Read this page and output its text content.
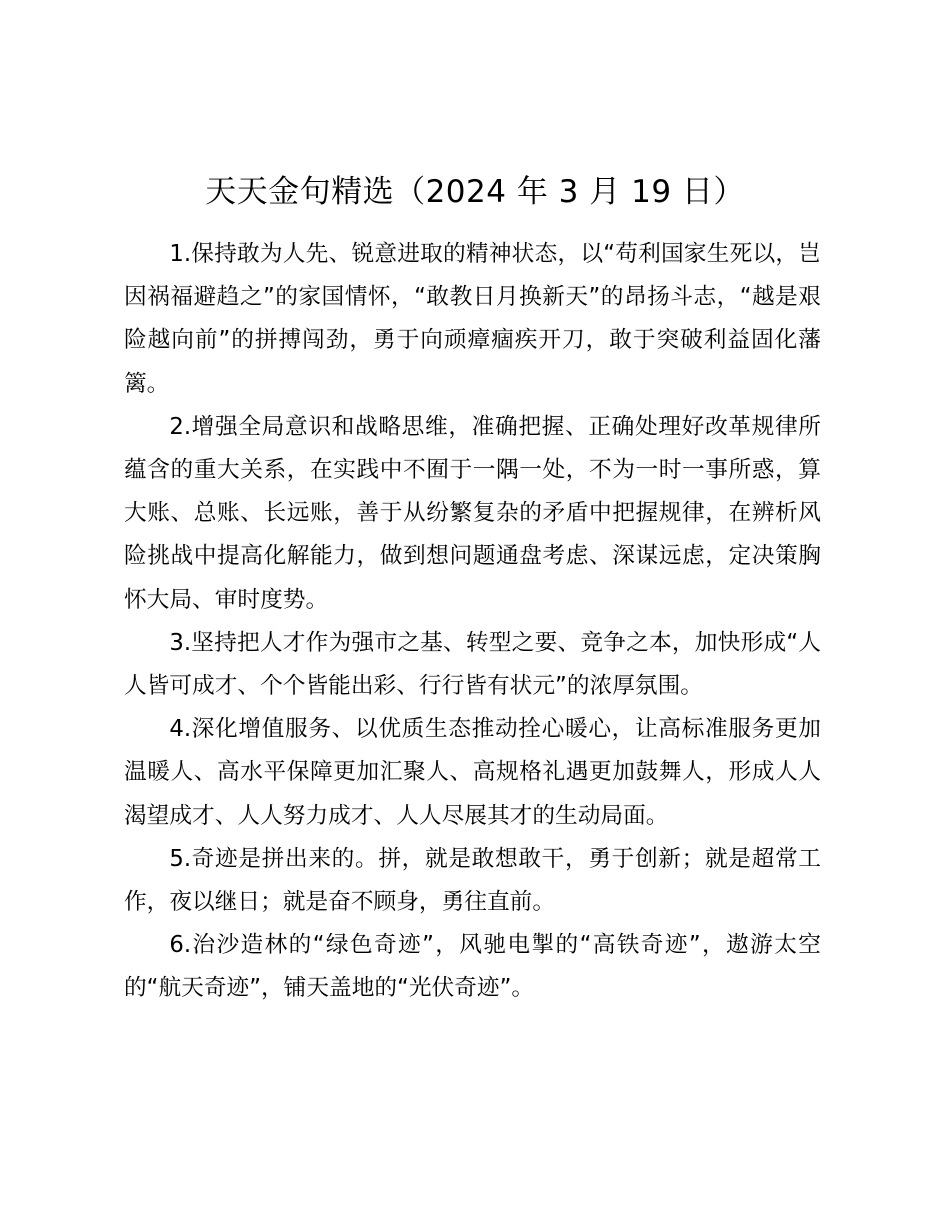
天天金句精选（2024 年 3 月 19 日）

1.保持敢为人先、锐意进取的精神状态，以“苟利国家生死以，岂因祸福避趋之”的家国情怀，“敢教日月换新天”的昂扬斗志，“越是艰险越向前”的拼搏闯劲，勇于向顽瘴痼疾开刀，敢于突破利益固化藩篱。

2.增强全局意识和战略思维，准确把握、正确处理好改革规律所蕴含的重大关系，在实践中不囿于一隅一处，不为一时一事所惑，算大账、总账、长远账，善于从纷繁复杂的矛盾中把握规律，在辨析风险挑战中提高化解能力，做到想问题通盘考虑、深谋远虑，定决策胸怀大局、审时度势。

3.坚持把人才作为强市之基、转型之要、竞争之本，加快形成“人人皆可成才、个个皆能出彩、行行皆有状元”的浓厚氛围。

4.深化增值服务、以优质生态推动拴心暖心，让高标准服务更加温暖人、高水平保障更加汇聚人、高规格礼遇更加鼓舞人，形成人人渴望成才、人人努力成才、人人尽展其才的生动局面。

5.奇迹是拼出来的。拼，就是敢想敢干，勇于创新；就是超常工作，夜以继日；就是奋不顾身，勇往直前。

6.治沙造林的“绿色奇迹”，风驰电掣的“高铁奇迹”，遨游太空的“航天奇迹”，铺天盖地的“光伏奇迹”。
